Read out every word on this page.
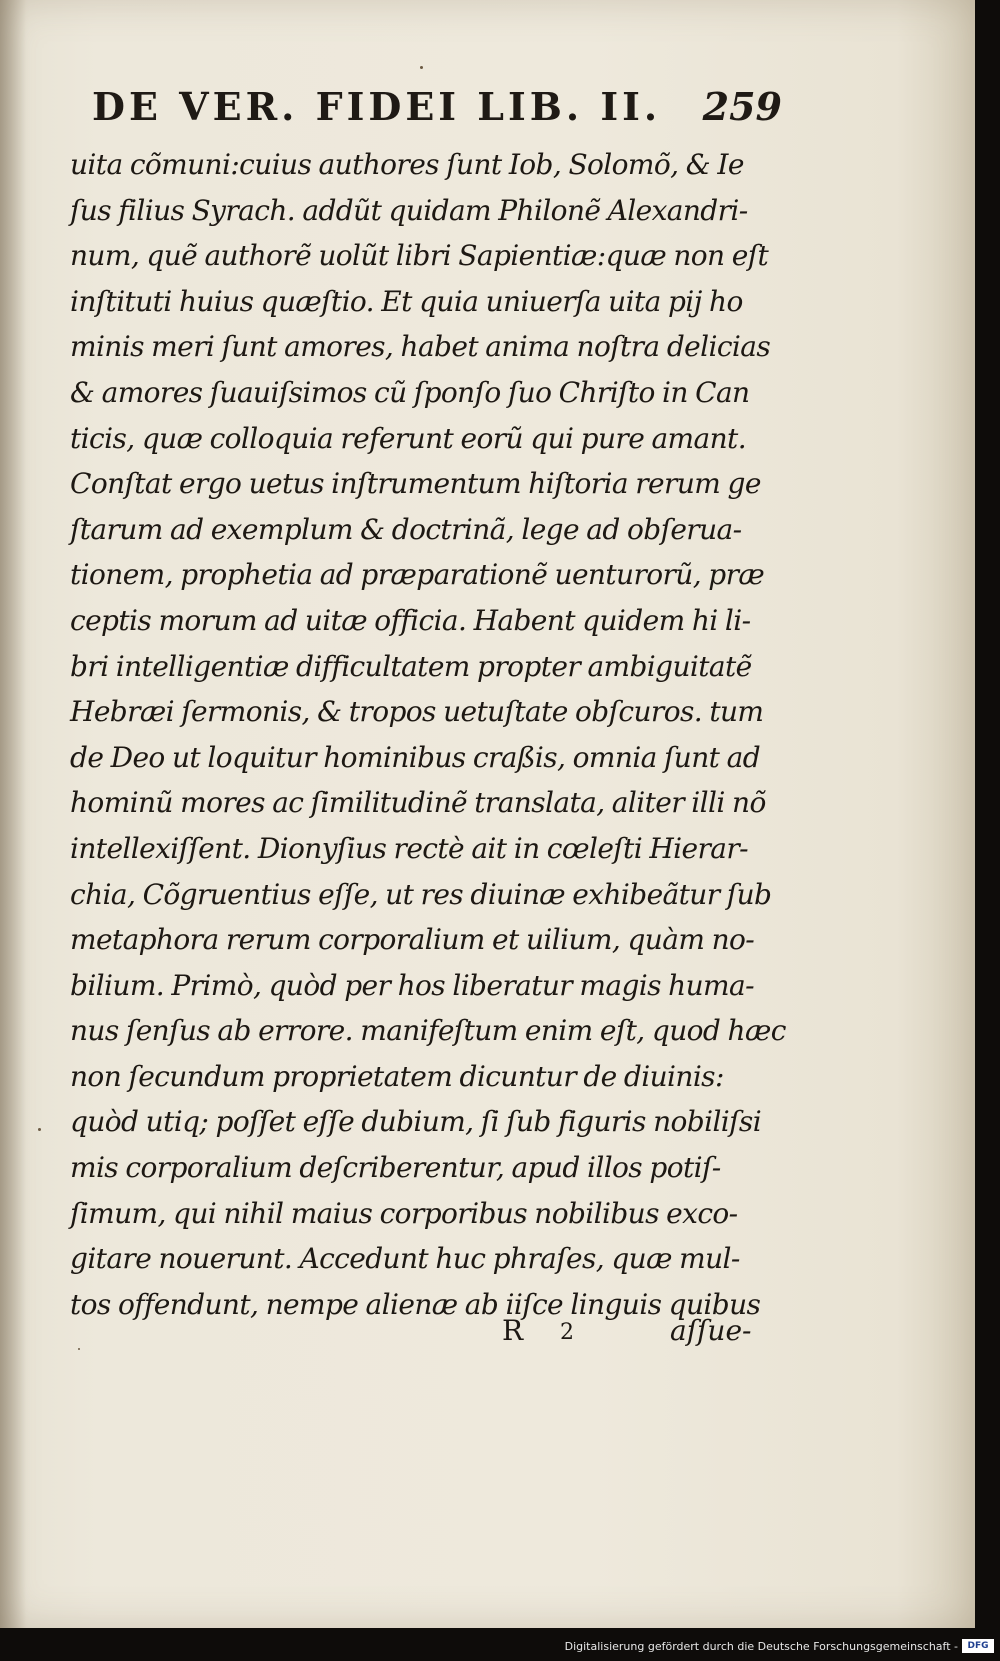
DE VER. FIDEI LIB. II. 259
uita cõmuni:cuius authores ſunt Iob, Solomõ, & Ie
ſus filius Syrach. addũt quidam Philonẽ Alexandri-
num, quẽ authorẽ uolũt libri Sapientiæ:quæ non eſt
inſtituti huius quæſtio. Et quia uniuerſa uita pij ho
minis meri ſunt amores, habet anima noſtra delicias
& amores ſuauiſsimos cũ ſponſo ſuo Chriſto in Can
ticis, quæ colloquia referunt eorũ qui pure amant.
Conſtat ergo uetus inſtrumentum hiſtoria rerum ge
ſtarum ad exemplum & doctrinã, lege ad obſerua-
tionem, prophetia ad præparationẽ uenturorũ, præ
ceptis morum ad uitæ officia. Habent quidem hi li-
bri intelligentiæ difficultatem propter ambiguitatẽ
Hebræi ſermonis, & tropos uetuſtate obſcuros. tum
de Deo ut loquitur hominibus craßis, omnia ſunt ad
hominũ mores ac ſimilitudinẽ translata, aliter illi nõ
intellexiſſent. Dionyſius rectè ait in cœleſti Hierar-
chia, Cõgruentius eſſe, ut res diuinæ exhibeãtur ſub
metaphora rerum corporalium et uilium, quàm no-
bilium. Primò, quòd per hos liberatur magis huma-
nus ſenſus ab errore. manifeſtum enim eſt, quod hæc
non ſecundum proprietatem dicuntur de diuinis:
quòd utiq; poſſet eſſe dubium, ſi ſub figuris nobiliſsi
mis corporalium deſcriberentur, apud illos potiſ-
ſimum, qui nihil maius corporibus nobilibus exco-
gitare nouerunt. Accedunt huc phraſes, quæ mul-
tos offendunt, nempe alienæ ab iiſce linguis quibus
R 2	aſſue-
Digitalisierung gefördert durch die Deutsche Forschungsgemeinschaft -	DFG
